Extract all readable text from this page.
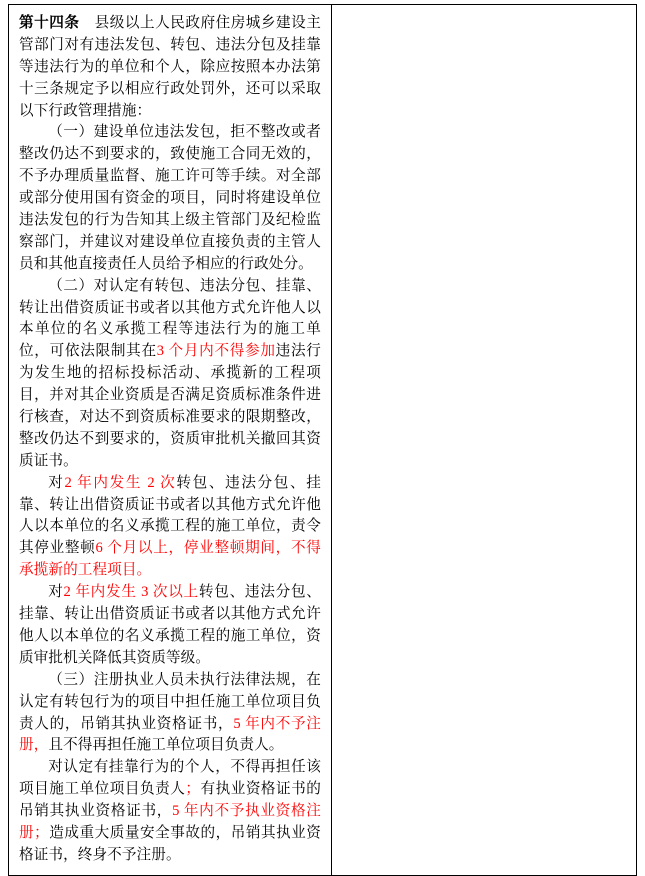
第十四条　县级以上人民政府住房城乡建设主管部门对有违法发包、转包、违法分包及挂靠等违法行为的单位和个人，除应按照本办法第十三条规定予以相应行政处罚外，还可以采取以下行政管理措施：

（一）建设单位违法发包，拒不整改或者整改仍达不到要求的，致使施工合同无效的，不予办理质量监督、施工许可等手续。对全部或部分使用国有资金的项目，同时将建设单位违法发包的行为告知其上级主管部门及纪检监察部门，并建议对建设单位直接负责的主管人员和其他直接责任人员给予相应的行政处分。

（二）对认定有转包、违法分包、挂靠、转让出借资质证书或者以其他方式允许他人以本单位的名义承揽工程等违法行为的施工单位，可依法限制其在3 个月内不得参加违法行为发生地的招标投标活动、承揽新的工程项目，并对其企业资质是否满足资质标准条件进行核查，对达不到资质标准要求的限期整改，整改仍达不到要求的，资质审批机关撤回其资质证书。

对2 年内发生 2 次转包、违法分包、挂靠、转让出借资质证书或者以其他方式允许他人以本单位的名义承揽工程的施工单位，责令其停业整顿6 个月以上，停业整顿期间，不得承揽新的工程项目。

对2 年内发生 3 次以上转包、违法分包、挂靠、转让出借资质证书或者以其他方式允许他人以本单位的名义承揽工程的施工单位，资质审批机关降低其资质等级。

（三）注册执业人员未执行法律法规，在认定有转包行为的项目中担任施工单位项目负责人的，吊销其执业资格证书，5 年内不予注册，且不得再担任施工单位项目负责人。

对认定有挂靠行为的个人，不得再担任该项目施工单位项目负责人；有执业资格证书的吊销其执业资格证书，5 年内不予执业资格注册；造成重大质量安全事故的，吊销其执业资格证书，终身不予注册。
